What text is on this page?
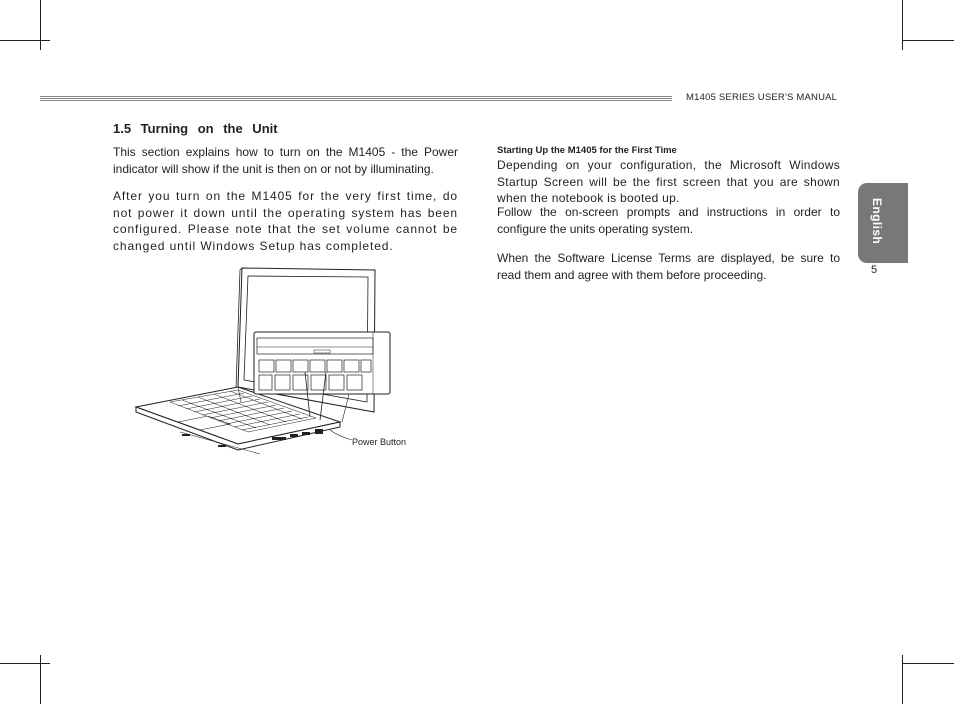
M1405 SERIES USER'S MANUAL
1.5 Turning on the Unit
This section explains how to turn on the M1405 - the Power indicator will show if the unit is then on or not by illuminating.
After you turn on the M1405 for the very first time, do not power it down until the operating system has been configured. Please note that the set volume cannot be changed until Windows Setup has completed.
Power Button
Starting Up the M1405 for the First Time
Depending on your configuration, the Microsoft Windows Startup Screen will be the first screen that you are shown when the notebook is booted up.
Follow the on-screen prompts and instructions in order to configure the units operating system.
When the Software License Terms are displayed, be sure to read them and agree with them before proceeding.
English
5
